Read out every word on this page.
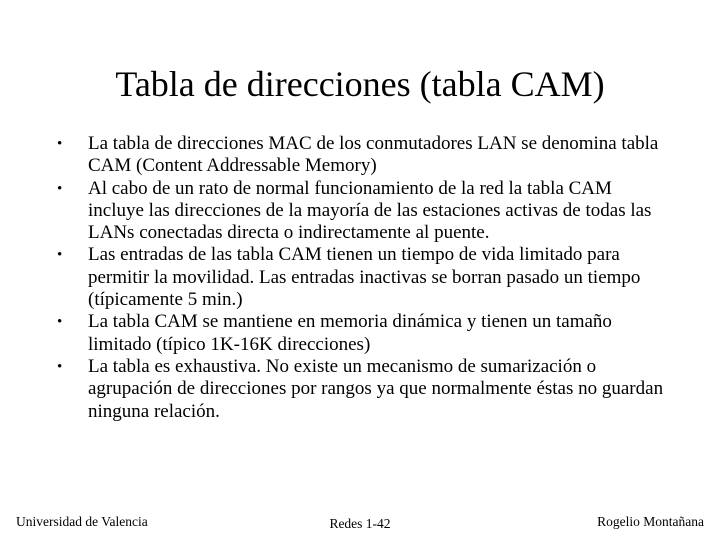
Tabla de direcciones (tabla CAM)
• La tabla de direcciones MAC de los conmutadores LAN se denomina tabla CAM (Content Addressable Memory)
• Al cabo de un rato de normal funcionamiento de la red la tabla CAM incluye las direcciones de la mayoría de las estaciones activas de todas las LANs conectadas directa o indirectamente al puente.
• Las entradas de las tabla CAM tienen un tiempo de vida limitado para permitir la movilidad. Las entradas inactivas se borran pasado un tiempo (típicamente 5 min.)
• La tabla CAM se mantiene en memoria dinámica y tienen un tamaño limitado (típico 1K-16K direcciones)
• La tabla es exhaustiva. No existe un mecanismo de sumarización o agrupación de direcciones por rangos ya que normalmente éstas no guardan ninguna relación.
Universidad de Valencia	Redes 1-42	Rogelio Montañana
